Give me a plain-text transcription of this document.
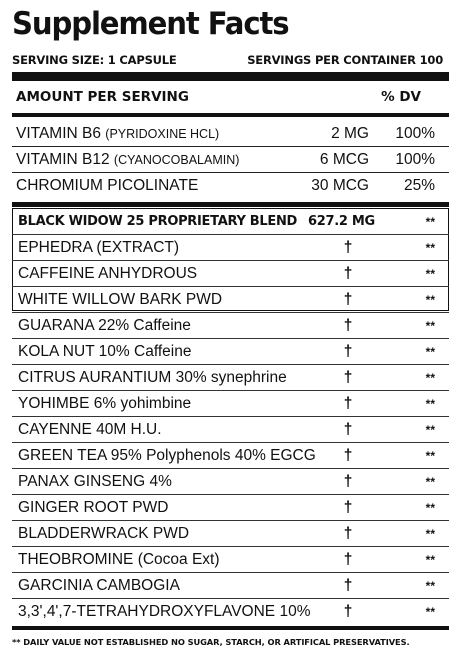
Supplement Facts
SERVING SIZE: 1 CAPSULE	SERVINGS PER CONTAINER 100
AMOUNT PER SERVING	% DV
VITAMIN B6 (PYRIDOXINE HCL)	2 MG 100%
VITAMIN B12 (CYANOCOBALAMIN)	6 MCG 100%
CHROMIUM PICOLINATE	30 MCG 25%
BLACK WIDOW 25 PROPRIETARY BLEND 627.2 MG	**
EPHEDRA (EXTRACT)	†	**
CAFFEINE ANHYDROUS	†	**
WHITE WILLOW BARK PWD	†	**
GUARANA 22% Caffeine	†	**
KOLA NUT 10% Caffeine	†	**
CITRUS AURANTIUM 30% synephrine	†	**
YOHIMBE 6% yohimbine	†	**
CAYENNE 40M H.U.	†	**
GREEN TEA 95% Polyphenols 40% EGCG †	**
PANAX GINSENG 4%	†	**
GINGER ROOT PWD	†	**
BLADDERWRACK PWD	†	**
THEOBROMINE (Cocoa Ext)	†	**
GARCINIA CAMBOGIA	†	**
3,3',4',7-TETRAHYDROXYFLAVONE 10% †	**
** DAILY VALUE NOT ESTABLISHED NO SUGAR, STARCH, OR ARTIFICAL PRESERVATIVES.
